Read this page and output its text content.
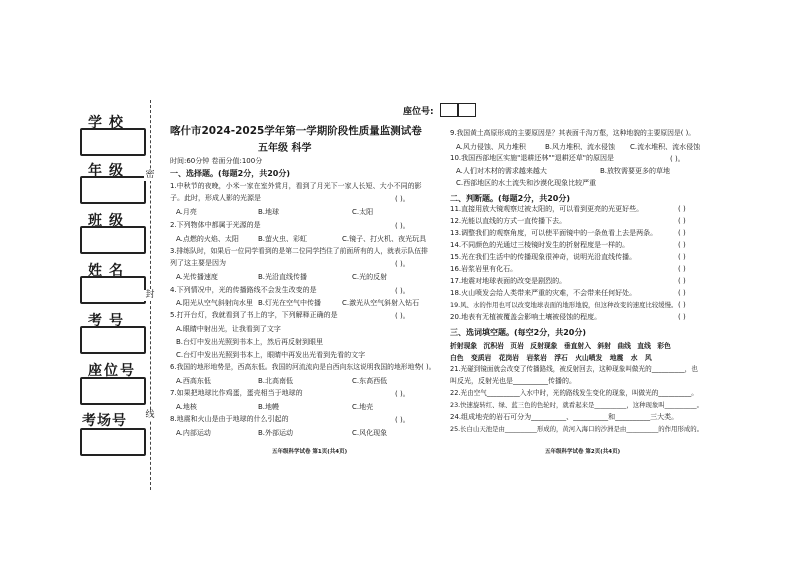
学校
年级
班级
姓名
考号
座位号
考场号
密
封
线
座位号:
喀什市2024-2025学年第一学期阶段性质量监测试卷
五年级 科学
时间:60分钟 卷面分值:100分
一、选择题。(每题2分，共20分)
1.中秋节的夜晚，小米一家在室外赏月，看到了月光下一家人长短、大小不同的影
子。此时，形成人影的光源是	( )。
A.月亮	B.地球	C.太阳
2.下列物体中都属于光源的是	( )。
A.点燃的火焰、太阳	B.萤火虫、彩虹	C.镜子、打火机、夜光玩具
3.排练队时，如果后一位同学看到的是第二位同学挡住了前面所有的人，就表示队伍排
列了这主要是因为	( )。
A.光传播速度	B.光沿直线传播	C.光的反射
4.下列情况中，光的传播路线不会发生改变的是	( )。
A.阳光从空气斜射向水里 B.灯光在空气中传播	C.激光从空气斜射入钻石
5.打开台灯，我就看到了书上的字，下列解释正确的是	( )。
A.眼睛中射出光，让我看到了文字
B.台灯中发出光照到书本上，然后再反射到眼里
C.台灯中发出光照到书本上，眼睛中再发出光看到先看的文字
6.我国的地形地势是，西高东低。我国的河流流向是自西向东这说明我国的地形地势( )。
A.西高东低	B.北高南低	C.东高西低
7.如果把地球比作鸡蛋，蛋壳相当于地球的	( )。
A.地核	B.地幔	C.地壳
8.地震和火山是由于地球的什么引起的	( )。
A.内部运动	B.外部运动	C.风化现象
五年级科学试卷 第1页(共4页)
9.我国黄土高原形成的主要原因是？其表面千沟万壑，这种地貌的主要原因是( )。
A.风力侵蚀、风力堆积	B.风力堆积、流水侵蚀 C.流水堆积、流水侵蚀
10.我国西部地区实施"退耕还林""退耕还草"的原因是	( )。
A.人们对木材的需求越来越大	B.放牧需要更多的草地
C.西部地区的水土流失和沙漠化现象比较严重
二、判断题。(每题2分，共20分)
11.直接用放大镜观察过被太阳的，可以看到更亮的光更好些。	( )
12.光能以直线的方式一直传播下去。	( )
13.调整我们的观察角度，可以使平面镜中的一条鱼看上去是两条。	( )
14.不同颜色的光通过三棱镜时发生的折射程度是一样的。	( )
15.光在我们生活中的传播现象很神奇，说明光沿直线传播。	( )
16.岩浆岩里有化石。	( )
17.地震对地球表面的改变是剧烈的。	( )
18.火山喷发会给人类带来严重的灾难，不会带来任何好处。	( )
19.风、水的作用也可以改变地球表面的地形地貌，但这种改变的速度比较缓慢。 ( )
20.地表有无植被覆盖会影响土壤被侵蚀的程度。	( )
三、选词填空题。(每空2分，共20分)
折射现象 沉积岩 页岩 反射现象 垂直射入 斜射 曲线 直线 彩色
白色 变质岩 花岗岩 岩浆岩 浮石 火山喷发 地震 水 风
21.光碰到镜面就会改变了传播路线，被反射回去，这种现象叫做光的__________，也
叫反光，反射光也是__________传播的。
22.光由空气__________入水中时，光的路线发生变化的现象，叫做光的__________。
23.快速旋转红、绿、蓝三色的色轮时，就看起来是__________，这种现象叫__________。
24.组成地壳的岩石可分为__________、__________和__________三大类。
25.长白山天池是由__________形成的，黄河入海口的沙洲是由__________的作用形成的。
五年级科学试卷 第2页(共4页)
